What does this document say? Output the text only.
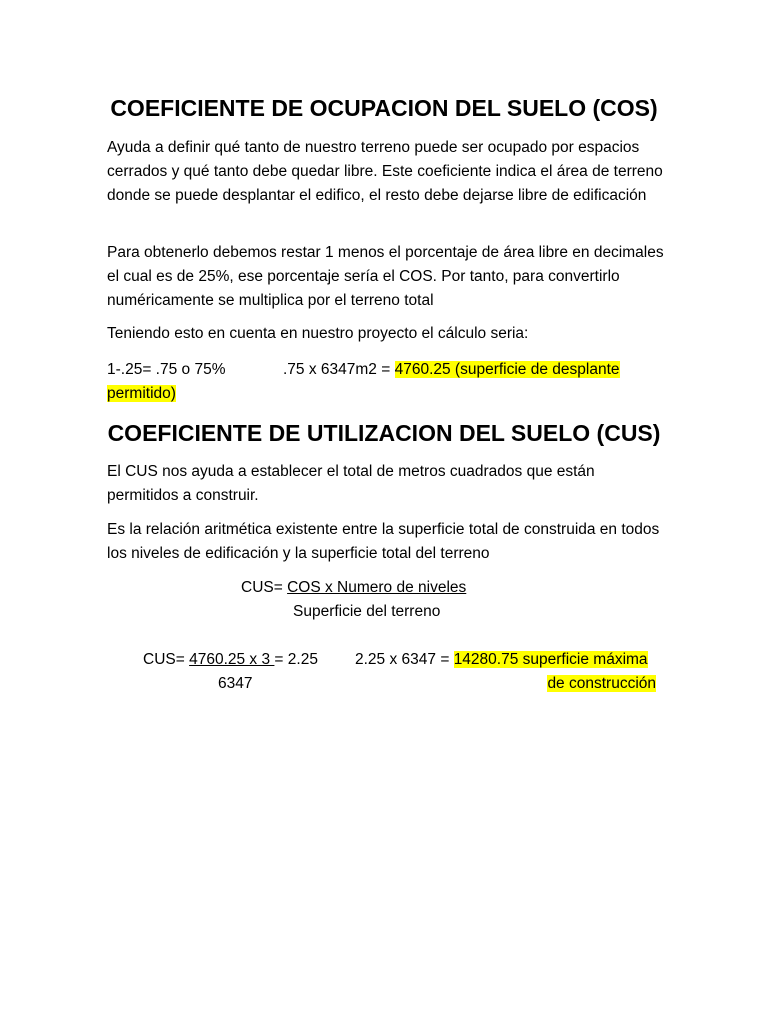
COEFICIENTE DE OCUPACION DEL SUELO (COS)
Ayuda a definir qué tanto de nuestro terreno puede ser ocupado por espacios cerrados y qué tanto debe quedar libre. Este coeficiente indica el área de terreno donde se puede desplantar el edifico, el resto debe dejarse libre de edificación
Para obtenerlo debemos restar 1 menos el porcentaje de área libre en decimales el cual es de 25%, ese porcentaje sería el COS. Por tanto, para convertirlo numéricamente se multiplica por el terreno total
Teniendo esto en cuenta en nuestro proyecto el cálculo seria:
1-.25= .75 o 75%	.75 x 6347m2 = 4760.25 (superficie de desplante
permitido)
COEFICIENTE DE UTILIZACION DEL SUELO (CUS)
El CUS nos ayuda a establecer el total de metros cuadrados que están permitidos a construir.
Es la relación aritmética existente entre la superficie total de construida en todos los niveles de edificación y la superficie total del terreno
CUS= COS x Numero de niveles
Superficie del terreno
CUS= 4760.25 x 3 = 2.25
6347
2.25 x 6347 = 14280.75 superficie máxima
de construcción
